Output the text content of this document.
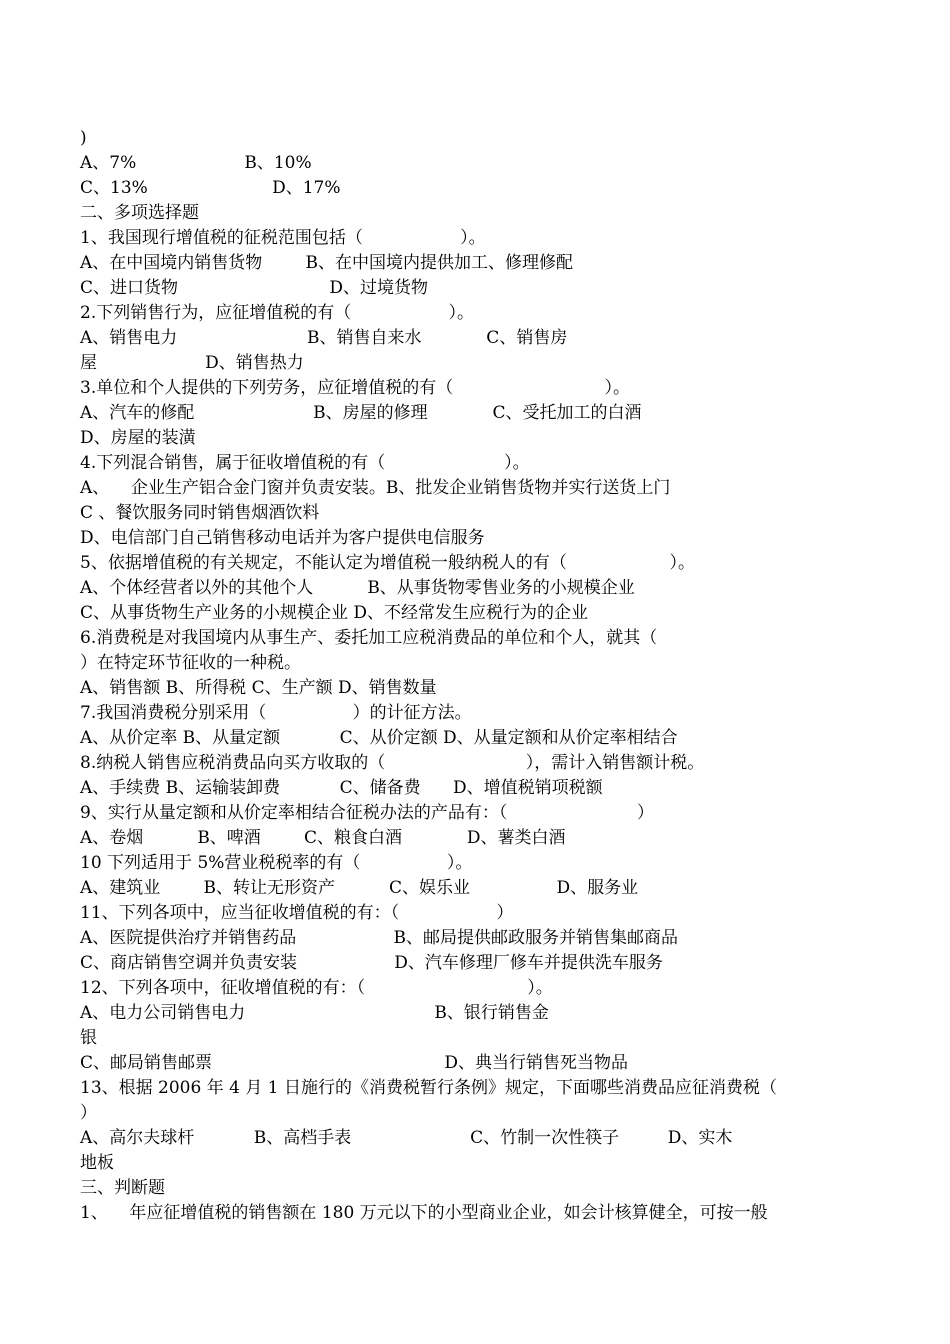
)
A、7%                    B、10%
C、13%                       D、17%
二、多项选择题
1、我国现行增值税的征税范围包括（                  ）。
A、在中国境内销售货物        B、在中国境内提供加工、修理修配
C、进口货物                            D、过境货物
2.下列销售行为，应征增值税的有（                  ）。
A、销售电力                        B、销售自来水            C、销售房
屋                    D、销售热力
3.单位和个人提供的下列劳务，应征增值税的有（                            ）。
A、汽车的修配                      B、房屋的修理            C、受托加工的白酒
D、房屋的装潢
4.下列混合销售，属于征收增值税的有（                      ）。
A、    企业生产铝合金门窗并负责安装。B、批发企业销售货物并实行送货上门
C 、餐饮服务同时销售烟酒饮料
D、电信部门自己销售移动电话并为客户提供电信服务
5、依据增值税的有关规定，不能认定为增值税一般纳税人的有（                   ）。
A、个体经营者以外的其他个人          B、从事货物零售业务的小规模企业
C、从事货物生产业务的小规模企业 D、不经常发生应税行为的企业
6.消费税是对我国境内从事生产、委托加工应税消费品的单位和个人，就其（
）在特定环节征收的一种税。
A、销售额 B、所得税 C、生产额 D、销售数量
7.我国消费税分别采用（                ）的计征方法。
A、从价定率 B、从量定额           C、从价定额 D、从量定额和从价定率相结合
8.纳税人销售应税消费品向买方收取的（                          ），需计入销售额计税。
A、手续费 B、运输装卸费           C、储备费      D、增值税销项税额
9、实行从量定额和从价定率相结合征税办法的产品有：（                        ）
A、卷烟          B、啤酒        C、粮食白酒            D、薯类白酒
10 下列适用于 5%营业税税率的有（                ）。
A、建筑业        B、转让无形资产          C、娱乐业                D、服务业
11、下列各项中，应当征收增值税的有：（                  ）
A、医院提供治疗并销售药品                  B、邮局提供邮政服务并销售集邮商品
C、商店销售空调并负责安装                  D、汽车修理厂修车并提供洗车服务
12、下列各项中，征收增值税的有：（                              ）。
A、电力公司销售电力                                   B、银行销售金
银
C、邮局销售邮票                                           D、典当行销售死当物品
13、根据 2006 年 4 月 1 日施行的《消费税暂行条例》规定，下面哪些消费品应征消费税（
）
A、高尔夫球杆           B、高档手表                      C、竹制一次性筷子         D、实木
地板
三、判断题
1、    年应征增值税的销售额在 180 万元以下的小型商业企业，如会计核算健全，可按一般
